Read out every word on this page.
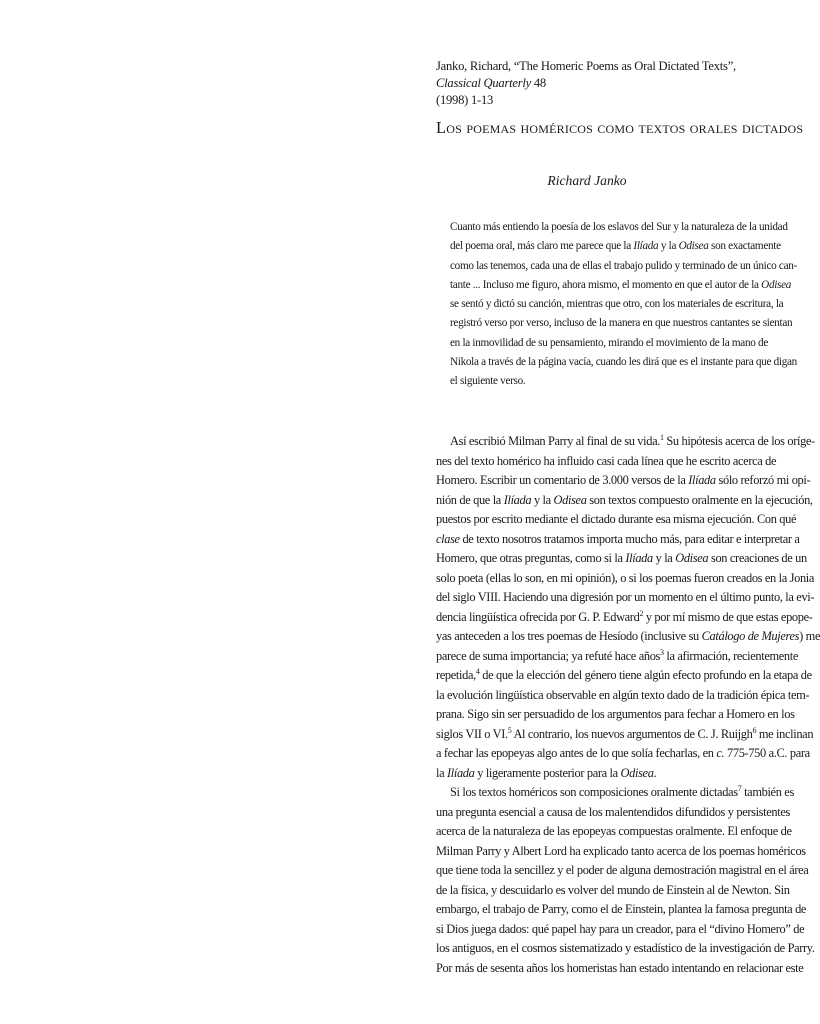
Janko, Richard, “The Homeric Poems as Oral Dictated Texts”, Classical Quarterly 48
(1998) 1-13
Los poemas homéricos como textos orales dictados
Richard Janko
Cuanto más entiendo la poesía de los eslavos del Sur y la naturaleza de la unidad
del poema oral, más claro me parece que la Ilíada y la Odisea son exactamente
como las tenemos, cada una de ellas el trabajo pulido y terminado de un único can-
tante ... Incluso me figuro, ahora mismo, el momento en que el autor de la Odisea
se sentó y dictó su canción, mientras que otro, con los materiales de escritura, la
registró verso por verso, incluso de la manera en que nuestros cantantes se sientan
en la inmovilidad de su pensamiento, mirando el movimiento de la mano de
Nikola a través de la página vacía, cuando les dirá que es el instante para que digan
el siguiente verso.
Así escribió Milman Parry al final de su vida.$^1$ Su hipótesis acerca de los oríge-
nes del texto homérico ha influido casi cada línea que he escrito acerca de
Homero. Escribir un comentario de 3.000 versos de la Ilíada sólo reforzó mi opi-
nión de que la Ilíada y la Odisea son textos compuesto oralmente en la ejecución,
puestos por escrito mediante el dictado durante esa misma ejecución. Con qué
clase de texto nosotros tratamos importa mucho más, para editar e interpretar a
Homero, que otras preguntas, como si la Ilíada y la Odisea son creaciones de un
solo poeta (ellas lo son, en mi opinión), o si los poemas fueron creados en la Jonia
del siglo VIII. Haciendo una digresión por un momento en el último punto, la evi-
dencia lingüística ofrecida por G. P. Edward$^2$ y por mí mismo de que estas epope-
yas anteceden a los tres poemas de Hesíodo (inclusive su Catálogo de Mujeres) me
parece de suma importancia; ya refuté hace años$^3$ la afirmación, recientemente
repetida,$^4$ de que la elección del género tiene algún efecto profundo en la etapa de
la evolución lingüística observable en algún texto dado de la tradición épica tem-
prana. Sigo sin ser persuadido de los argumentos para fechar a Homero en los
siglos VII o VI.$^5$ Al contrario, los nuevos argumentos de C. J. Ruijgh$^6$ me inclinan
a fechar las epopeyas algo antes de lo que solía fecharlas, en c. 775-750 a.C. para
la Ilíada y ligeramente posterior para la Odisea.
Si los textos homéricos son composiciones oralmente dictadas$^7$ también es
una pregunta esencial a causa de los malentendidos difundidos y persistentes
acerca de la naturaleza de las epopeyas compuestas oralmente. El enfoque de
Milman Parry y Albert Lord ha explicado tanto acerca de los poemas homéricos
que tiene toda la sencillez y el poder de alguna demostración magistral en el área
de la física, y descuidarlo es volver del mundo de Einstein al de Newton. Sin
embargo, el trabajo de Parry, como el de Einstein, plantea la famosa pregunta de
si Dios juega dados: qué papel hay para un creador, para el “divino Homero” de
los antiguos, en el cosmos sistematizado y estadístico de la investigación de Parry.
Por más de sesenta años los homeristas han estado intentando en relacionar este
